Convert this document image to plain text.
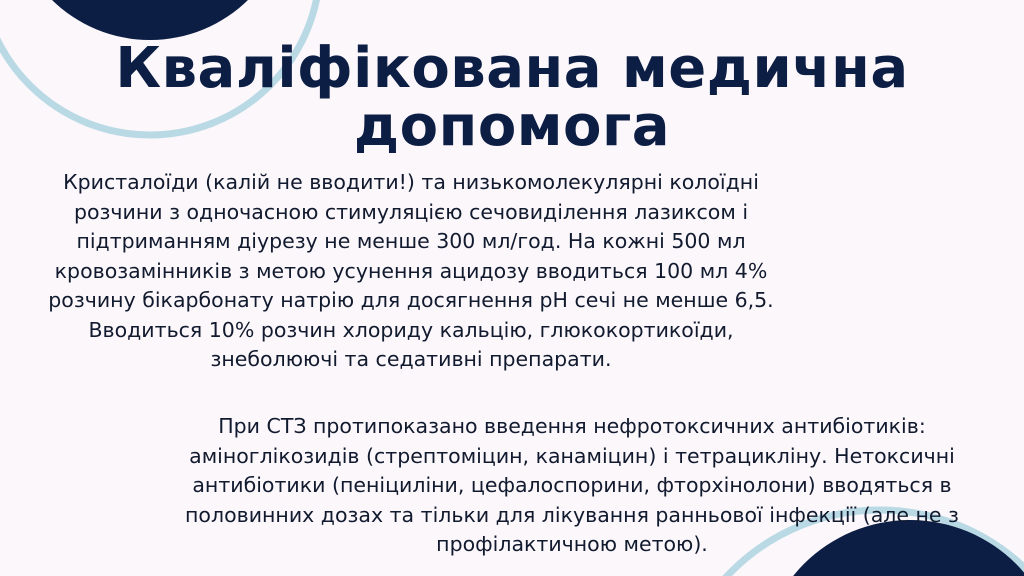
Кваліфікована медична
допомога
Кристалоїди (калій не вводити!) та низькомолекулярні колоїдні
розчини з одночасною стимуляцією сечовиділення лазиксом і
підтриманням діурезу не менше 300 мл/год. На кожні 500 мл
кровозамінників з метою усунення ацидозу вводиться 100 мл 4%
розчину бікарбонату натрію для досягнення pH сечі не менше 6,5.
Вводиться 10% розчин хлориду кальцію, глюкокортикоїди,
знеболюючі та седативні препарати.
При СТЗ протипоказано введення нефротоксичних антибіотиків:
аміноглікозидів (стрептоміцин, канаміцин) і тетрацикліну. Нетоксичні
антибіотики (пеніциліни, цефалоспорини, фторхінолони) вводяться в
половинних дозах та тільки для лікування ранньової інфекції (але не з
профілактичною метою).
